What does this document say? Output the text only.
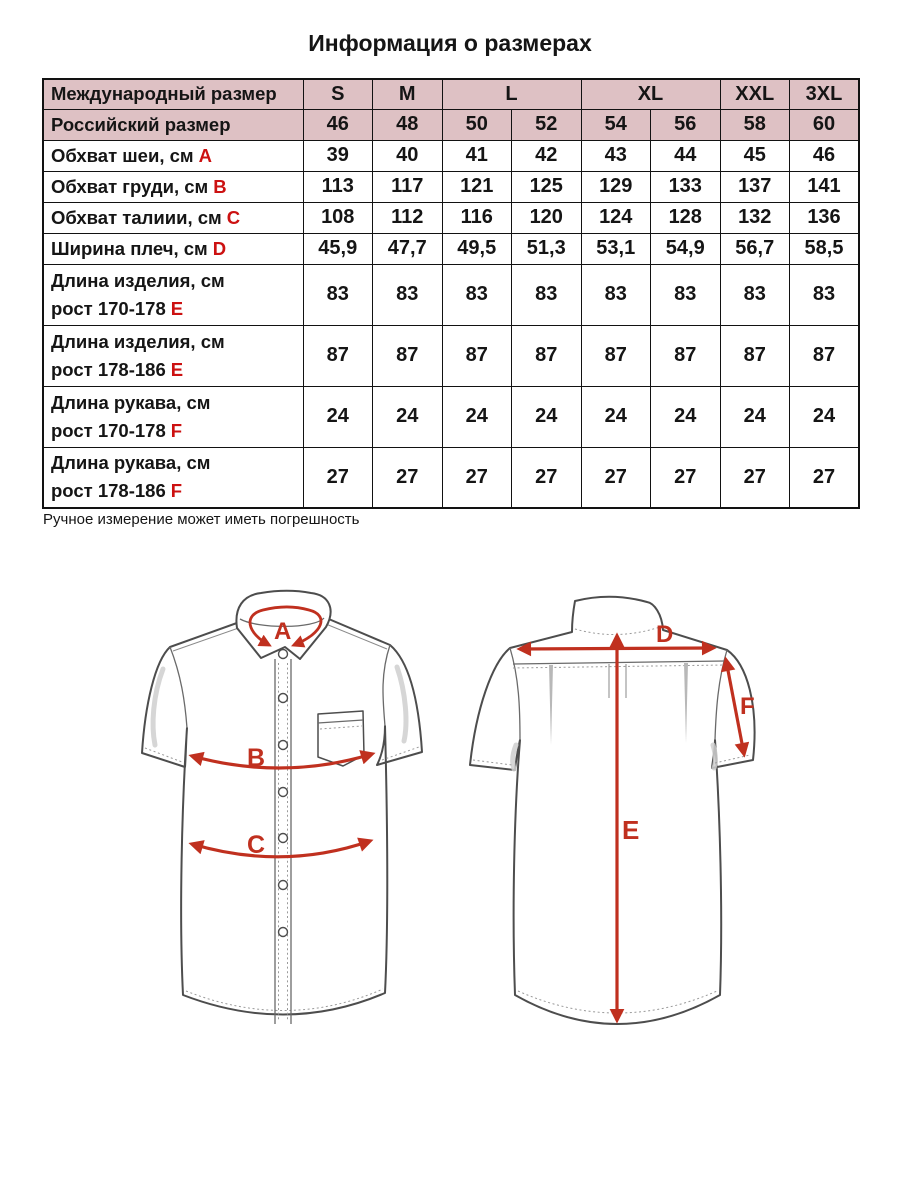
Информация о размерах
Международный размер	S	M	L		XL		XXL	3XL
Российский размер	46	48	50	52	54	56	58	60
Обхват шеи, см A	39	40	41	42	43	44	45	46
Обхват груди, см B	113	117	121	125	129	133	137	141
Обхват талиии, см C	108	112	116	120	124	128	132	136
Ширина плеч, см D	45,9	47,7	49,5	51,3	53,1	54,9	56,7	58,5
Длина изделия, см
рост 170-178 E	83	83	83	83	83	83	83	83
Длина изделия, см
рост 178-186 E	87	87	87	87	87	87	87	87
Длина рукава, см
рост 170-178 F	24	24	24	24	24	24	24	24
Длина рукава, см
рост 178-186 F	27	27	27	27	27	27	27	27
Ручное измерение может иметь погрешность
A
B
C
D
E
F
